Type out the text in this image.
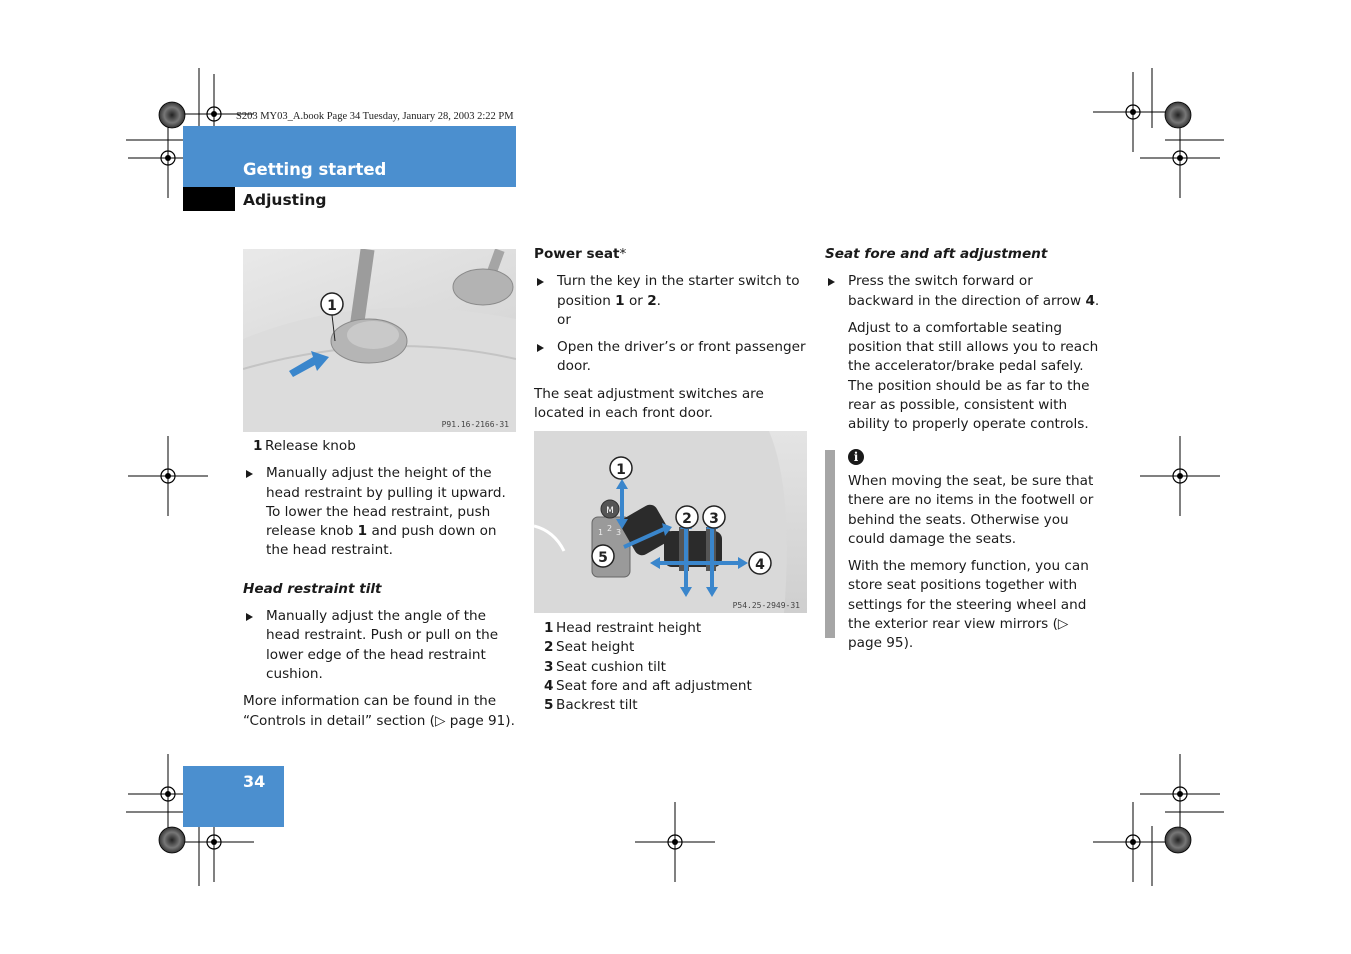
S203 MY03_A.book Page 34 Tuesday, January 28, 2003 2:22 PM
Getting started
Adjusting
1
P91.16-2166-31
1 Release knob

Manually adjust the height of the head restraint by pulling it upward. To lower the head restraint, push release knob 1 and push down on the head restraint.

Head restraint tilt

Manually adjust the angle of the head restraint. Push or pull on the lower edge of the head restraint cushion.

More information can be found in the “Controls in detail” section (▷ page 91).

Power seat*

Turn the key in the starter switch to position 1 or 2.
or

Open the driver’s or front passenger door.

The seat adjustment switches are located in each front door.

M
1 2 3
1
2 3
4
5
P54.25-2949-31
1 Head restraint height
2 Seat height
3 Seat cushion tilt
4 Seat fore and aft adjustment
5 Backrest tilt

Seat fore and aft adjustment

Press the switch forward or backward in the direction of arrow 4.

Adjust to a comfortable seating position that still allows you to reach the accelerator/brake pedal safely. The position should be as far to the rear as possible, consistent with ability to properly operate controls.

i

When moving the seat, be sure that there are no items in the footwell or behind the seats. Otherwise you could damage the seats.

With the memory function, you can store seat positions together with settings for the steering wheel and the exterior rear view mirrors (▷ page 95).

34
